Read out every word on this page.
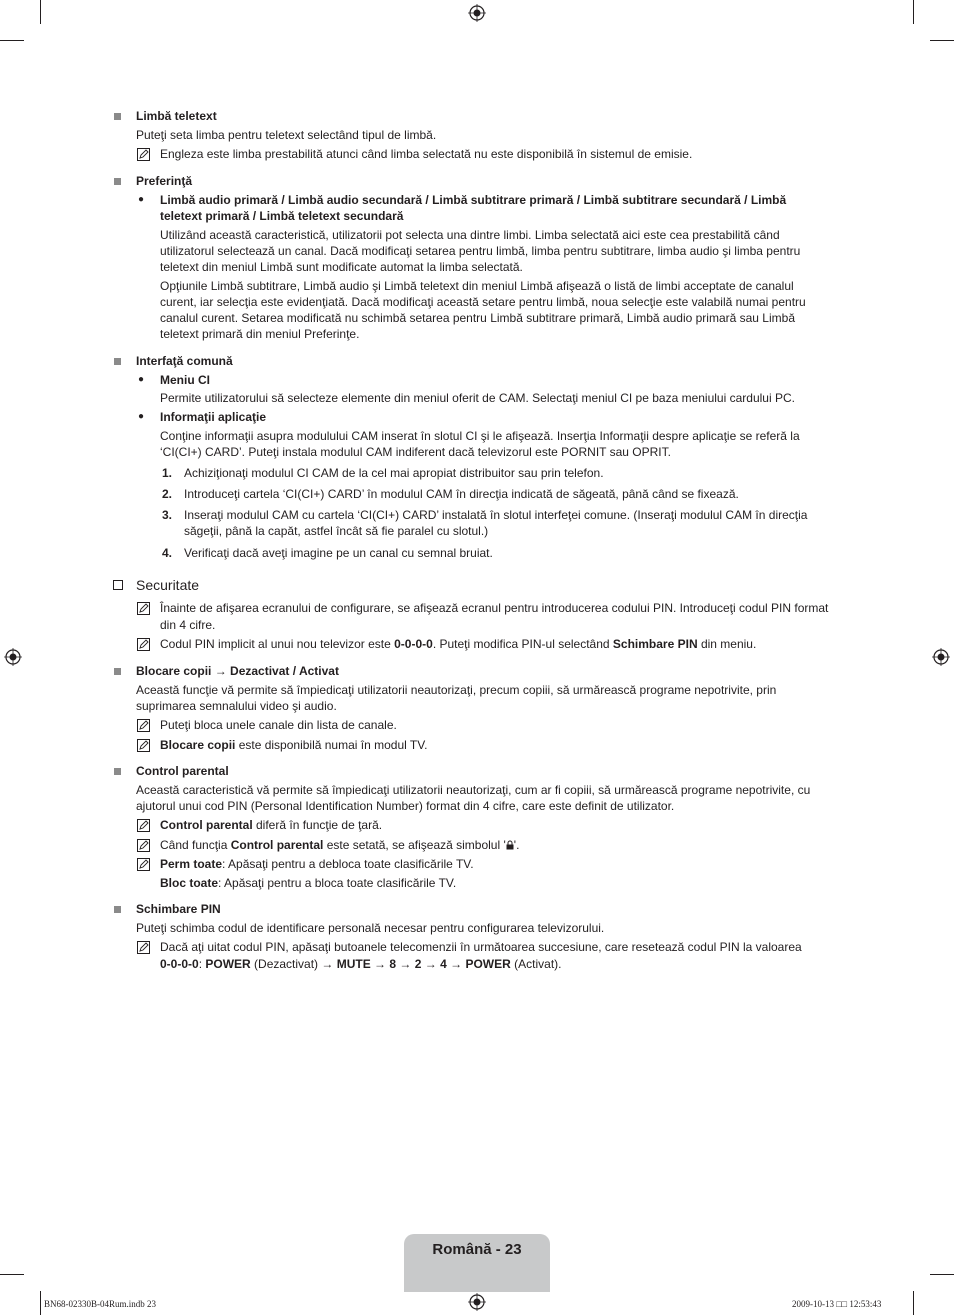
Limbă teletext
Puteţi seta limba pentru teletext selectând tipul de limbă.
Engleza este limba prestabilită atunci când limba selectată nu este disponibilă în sistemul de emisie.
Preferinţă
● Limbă audio primară / Limbă audio secundară / Limbă subtitrare primară / Limbă subtitrare secundară / Limbă
teletext primară / Limbă teletext secundară
Utilizând această caracteristică, utilizatorii pot selecta una dintre limbi. Limba selectată aici este cea prestabilită când
utilizatorul selectează un canal. Dacă modificaţi setarea pentru limbă, limba pentru subtitrare, limba audio şi limba pentru
teletext din meniul Limbă sunt modificate automat la limba selectată.
Opţiunile Limbă subtitrare, Limbă audio şi Limbă teletext din meniul Limbă afişează o listă de limbi acceptate de canalul
curent, iar selecţia este evidenţiată. Dacă modificaţi această setare pentru limbă, noua selecţie este valabilă numai pentru
canalul curent. Setarea modificată nu schimbă setarea pentru Limbă subtitrare primară, Limbă audio primară sau Limbă
teletext primară din meniul Preferinţe.
Interfaţă comună
● Meniu CI
Permite utilizatorului să selecteze elemente din meniul oferit de CAM. Selectaţi meniul CI pe baza meniului cardului PC.
● Informaţii aplicaţie
Conţine informaţii asupra modulului CAM inserat în slotul CI şi le afişează. Inserţia Informaţii despre aplicaţie se referă la
‘CI(CI+) CARD’. Puteţi instala modulul CAM indiferent dacă televizorul este PORNIT sau OPRIT.
1. Achiziţionaţi modulul CI CAM de la cel mai apropiat distribuitor sau prin telefon.
2. Introduceţi cartela ‘CI(CI+) CARD’ în modulul CAM în direcţia indicată de săgeată, până când se fixează.
3. Inseraţi modulul CAM cu cartela ‘CI(CI+) CARD’ instalată în slotul interfeţei comune. (Inseraţi modulul CAM în direcţia
săgeţii, până la capăt, astfel încât să fie paralel cu slotul.)
4. Verificaţi dacă aveţi imagine pe un canal cu semnal bruiat.
Securitate
Înainte de afişarea ecranului de configurare, se afişează ecranul pentru introducerea codului PIN. Introduceţi codul PIN format
din 4 cifre.
Codul PIN implicit al unui nou televizor este 0-0-0-0. Puteţi modifica PIN-ul selectând Schimbare PIN din meniu.
Blocare copii → Dezactivat / Activat
Această funcţie vă permite să împiedicaţi utilizatorii neautorizaţi, precum copiii, să urmărească programe nepotrivite, prin
suprimarea semnalului video şi audio.
Puteţi bloca unele canale din lista de canale.
Blocare copii este disponibilă numai în modul TV.
Control parental
Această caracteristică vă permite să împiedicaţi utilizatorii neautorizaţi, cum ar fi copiii, să urmărească programe nepotrivite, cu
ajutorul unui cod PIN (Personal Identification Number) format din 4 cifre, care este definit de utilizator.
Control parental diferă în funcţie de ţară.
Când funcţia Control parental este setată, se afişează simbolul ' '.
Perm toate: Apăsaţi pentru a debloca toate clasificările TV.
Bloc toate: Apăsaţi pentru a bloca toate clasificările TV.
Schimbare PIN
Puteţi schimba codul de identificare personală necesar pentru configurarea televizorului.
Dacă aţi uitat codul PIN, apăsaţi butoanele telecomenzii în următoarea succesiune, care resetează codul PIN la valoarea
0-0-0-0: POWER (Dezactivat) → MUTE → 8 → 2 → 4 → POWER (Activat).
Română - 23
BN68-02330B-04Rum.indb 23	2009-10-13 □□ 12:53:43
